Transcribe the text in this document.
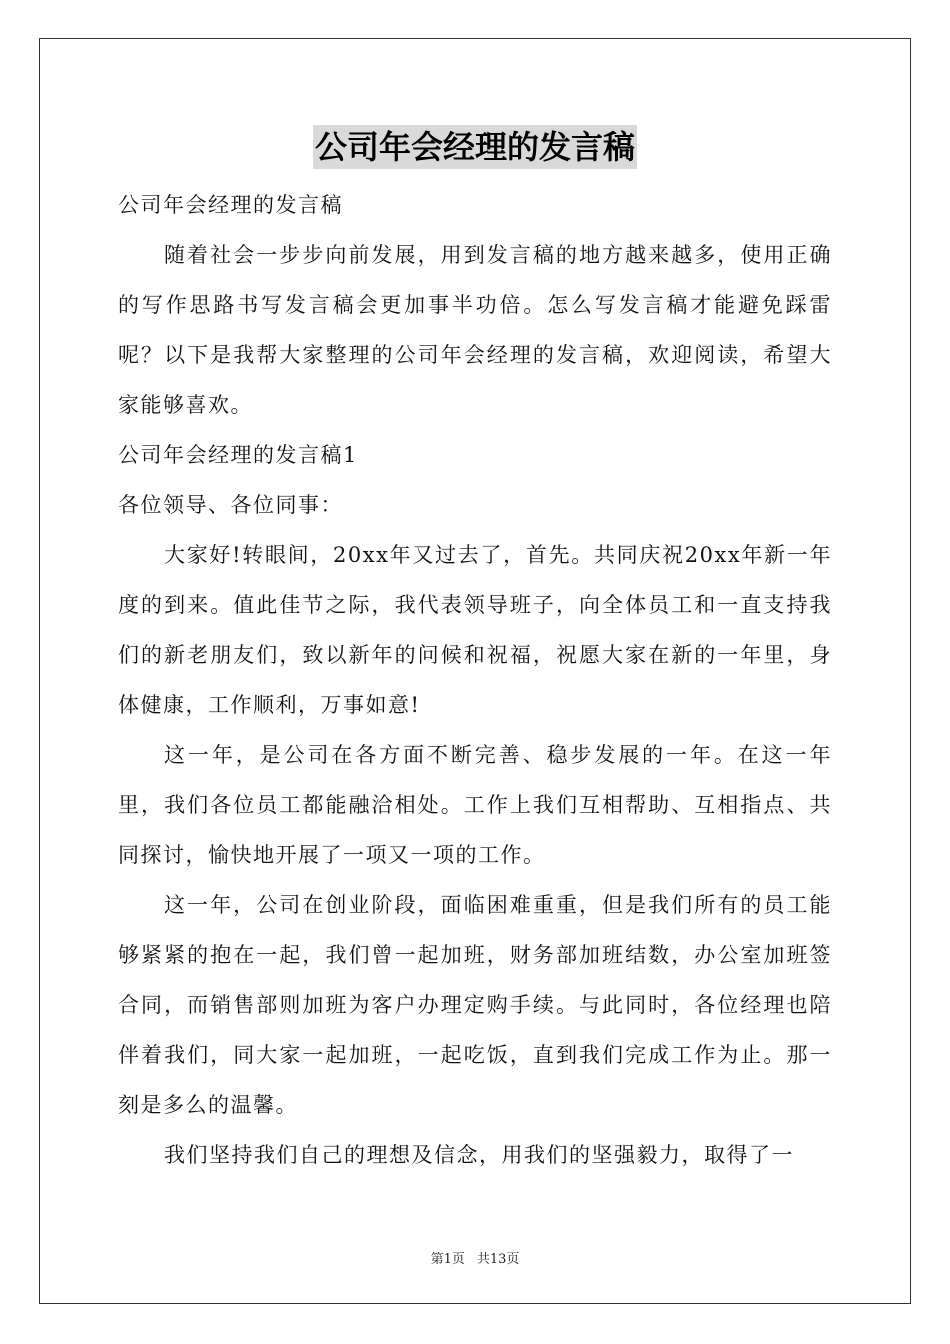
公司年会经理的发言稿

公司年会经理的发言稿

随着社会一步步向前发展，用到发言稿的地方越来越多，使用正确的写作思路书写发言稿会更加事半功倍。怎么写发言稿才能避免踩雷呢？以下是我帮大家整理的公司年会经理的发言稿，欢迎阅读，希望大家能够喜欢。

公司年会经理的发言稿1

各位领导、各位同事：

大家好!转眼间，20xx年又过去了，首先。共同庆祝20xx年新一年度的到来。值此佳节之际，我代表领导班子，向全体员工和一直支持我们的新老朋友们，致以新年的问候和祝福，祝愿大家在新的一年里，身体健康，工作顺利，万事如意!

这一年，是公司在各方面不断完善、稳步发展的一年。在这一年里，我们各位员工都能融洽相处。工作上我们互相帮助、互相指点、共同探讨，愉快地开展了一项又一项的工作。

这一年，公司在创业阶段，面临困难重重，但是我们所有的员工能够紧紧的抱在一起，我们曾一起加班，财务部加班结数，办公室加班签合同，而销售部则加班为客户办理定购手续。与此同时，各位经理也陪伴着我们，同大家一起加班，一起吃饭，直到我们完成工作为止。那一刻是多么的温馨。

我们坚持我们自己的理想及信念，用我们的坚强毅力，取得了一

第1页 共13页
